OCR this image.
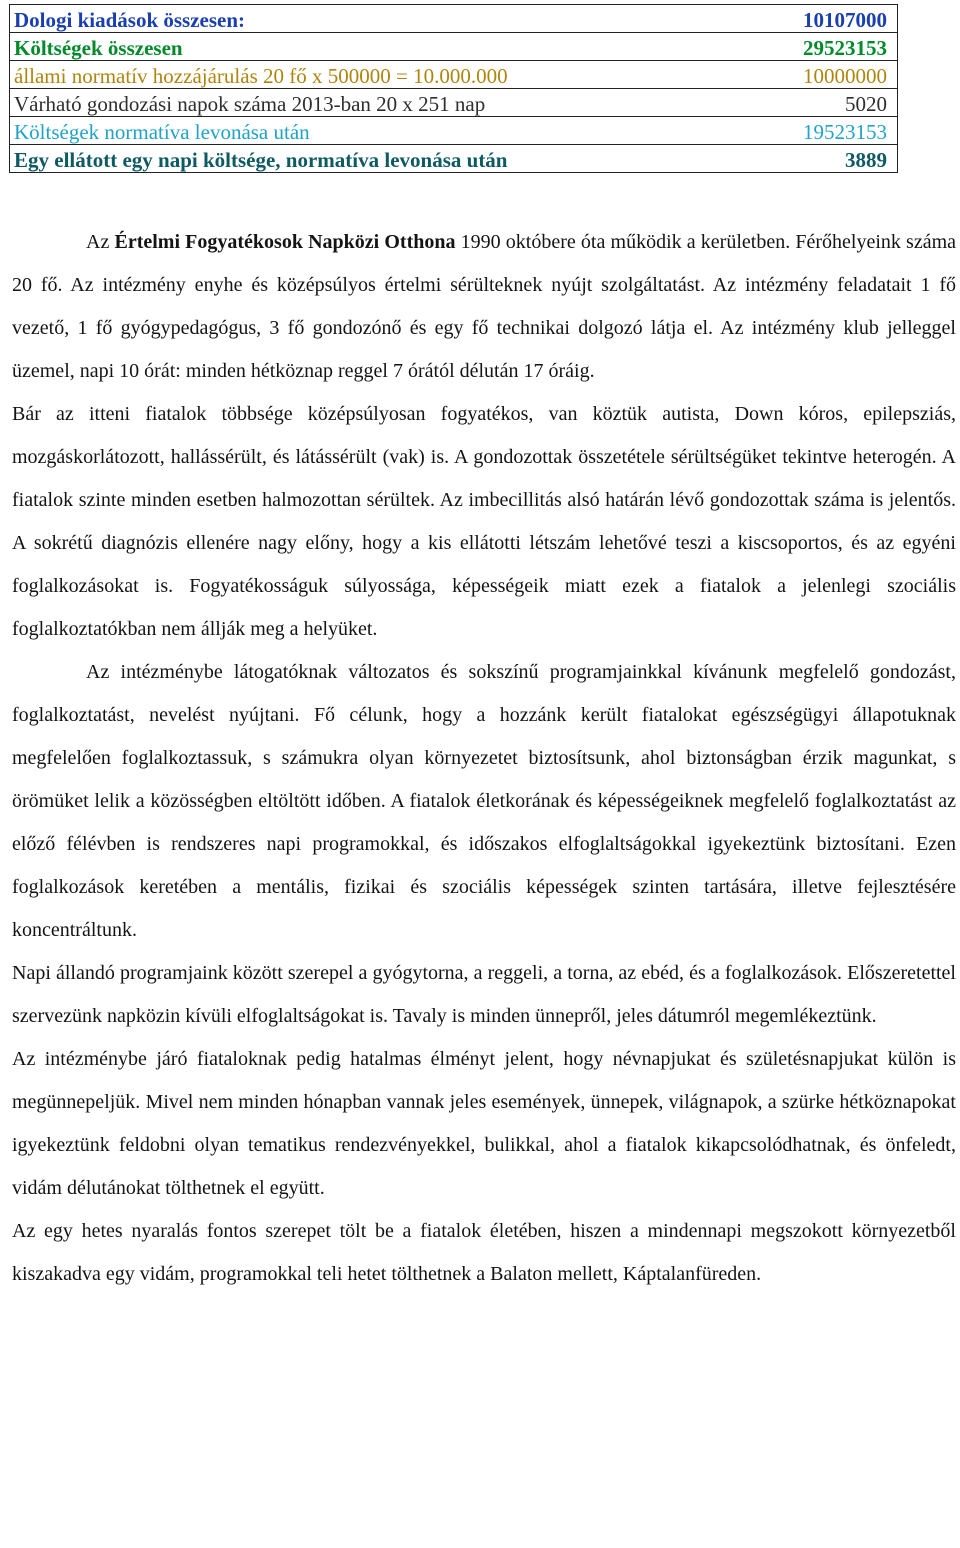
Dologi kiadások összesen:	10107000
Költségek összesen	29523153
állami normatív hozzájárulás 20 fő x 500000 = 10.000.000	10000000
Várható gondozási napok száma 2013-ban 20 x 251 nap	5020
Költségek normatíva levonása után	19523153
Egy ellátott egy napi költsége, normatíva levonása után	3889

Az Értelmi Fogyatékosok Napközi Otthona 1990 októbere óta működik a kerületben. Férőhelyeink száma 20 fő. Az intézmény enyhe és középsúlyos értelmi sérülteknek nyújt szolgáltatást. Az intézmény feladatait 1 fő vezető, 1 fő gyógypedagógus, 3 fő gondozónő és egy fő technikai dolgozó látja el. Az intézmény klub jelleggel üzemel, napi 10 órát: minden hétköznap reggel 7 órától délután 17 óráig.

Bár az itteni fiatalok többsége középsúlyosan fogyatékos, van köztük autista, Down kóros, epilepsziás, mozgáskorlátozott, hallássérült, és látássérült (vak) is. A gondozottak összetétele sérültségüket tekintve heterogén. A fiatalok szinte minden esetben halmozottan sérültek. Az imbecillitás alsó határán lévő gondozottak száma is jelentős. A sokrétű diagnózis ellenére nagy előny, hogy a kis ellátotti létszám lehetővé teszi a kiscsoportos, és az egyéni foglalkozásokat is. Fogyatékosságuk súlyossága, képességeik miatt ezek a fiatalok a jelenlegi szociális foglalkoztatókban nem állják meg a helyüket.

Az intézménybe látogatóknak változatos és sokszínű programjainkkal kívánunk megfelelő gondozást, foglalkoztatást, nevelést nyújtani. Fő célunk, hogy a hozzánk került fiatalokat egészségügyi állapotuknak megfelelően foglalkoztassuk, s számukra olyan környezetet biztosítsunk, ahol biztonságban érzik magunkat, s örömüket lelik a közösségben eltöltött időben. A fiatalok életkorának és képességeiknek megfelelő foglalkoztatást az előző félévben is rendszeres napi programokkal, és időszakos elfoglaltságokkal igyekeztünk biztosítani. Ezen foglalkozások keretében a mentális, fizikai és szociális képességek szinten tartására, illetve fejlesztésére koncentráltunk.

Napi állandó programjaink között szerepel a gyógytorna, a reggeli, a torna, az ebéd, és a foglalkozások. Előszeretettel szervezünk napközin kívüli elfoglaltságokat is. Tavaly is minden ünnepről, jeles dátumról megemlékeztünk.

Az intézménybe járó fiataloknak pedig hatalmas élményt jelent, hogy névnapjukat és születésnapjukat külön is megünnepeljük. Mivel nem minden hónapban vannak jeles események, ünnepek, világnapok, a szürke hétköznapokat igyekeztünk feldobni olyan tematikus rendezvényekkel, bulikkal, ahol a fiatalok kikapcsolódhatnak, és önfeledt, vidám délutánokat tölthetnek el együtt.

Az egy hetes nyaralás fontos szerepet tölt be a fiatalok életében, hiszen a mindennapi megszokott környezetből kiszakadva egy vidám, programokkal teli hetet tölthetnek a Balaton mellett, Káptalanfüreden.
